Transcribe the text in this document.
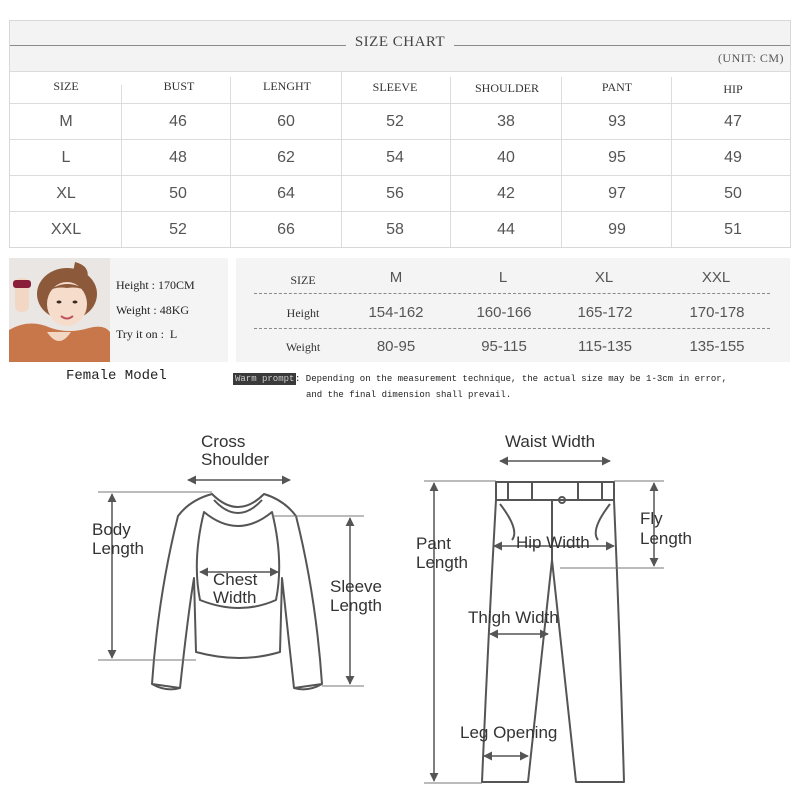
SIZE CHART
(UNIT: CM)
SIZE	BUST	LENGHT	SLEEVE	SHOULDER	PANT	HIP
M	46	60	52	38	93	47
L	48	62	54	40	95	49
XL	50	64	56	42	97	50
XXL	52	66	58	44	99	51
Height : 170CM
Weight : 48KG
Try it on :  L
Female Model
SIZE	M	L	XL	XXL
Height	154-162	160-166	165-172	170-178
Weight	80-95	95-115	115-135	135-155
Warm prompt : Depending on the measurement technique, the actual size may be 1-3cm in error,
and the final dimension shall prevail.
Cross
Shoulder
Body
Length
Chest
Width
Sleeve
Length
Waist Width
Pant
Length
Hip Width
Fly
Length
Thigh Width
Leg Opening
